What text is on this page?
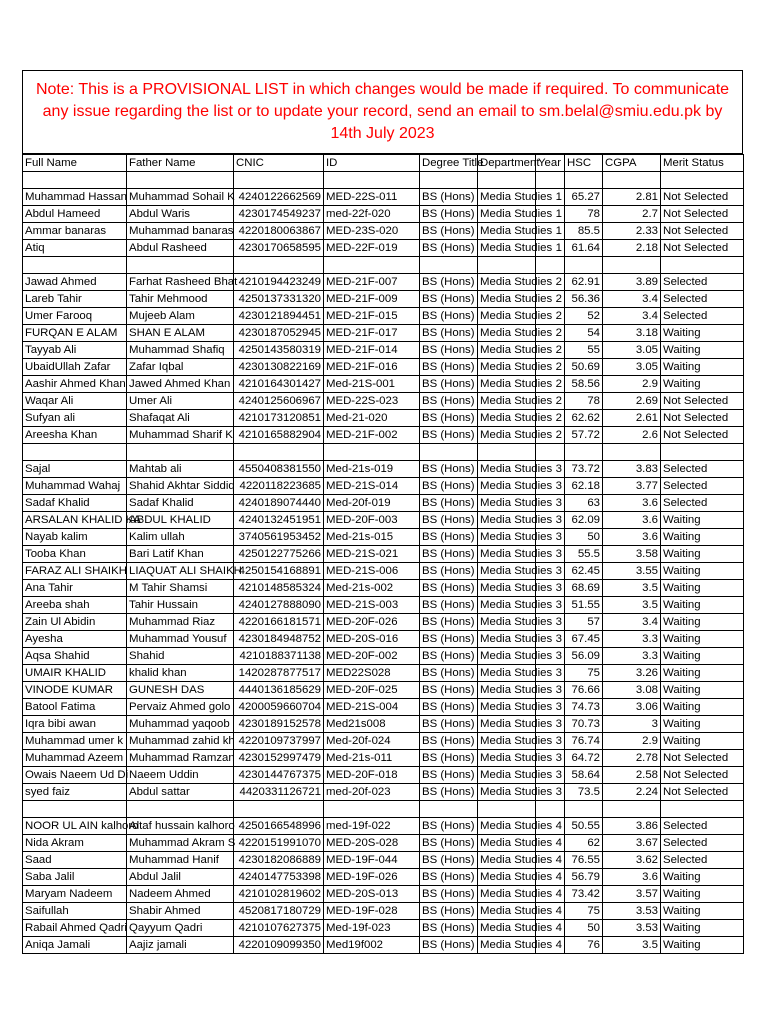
Note: This is a PROVISIONAL LIST in which changes would be made if required. To communicate any issue regarding the list or to update your record, send an email to sm.belal@smiu.edu.pk by 14th July 2023
Full Name	Father Name	CNIC	ID	Degree Title	Department	Year	HSC	CGPA	Merit Status

Muhammad Hassan	Muhammad Sohail K	4240122662569	MED-22S-011	BS (Hons)	Media Studies	1	65.27	2.81	Not Selected
Abdul Hameed	Abdul Waris	4230174549237	med-22f-020	BS (Hons)	Media Studies	1	78	2.7	Not Selected
Ammar banaras	Muhammad banaras	4220180063867	MED-23S-020	BS (Hons)	Media Studies	1	85.5	2.33	Not Selected
Atiq	Abdul Rasheed	4230170658595	MED-22F-019	BS (Hons)	Media Studies	1	61.64	2.18	Not Selected

Jawad Ahmed	Farhat Rasheed Bhat	4210194423249	MED-21F-007	BS (Hons)	Media Studies	2	62.91	3.89	Selected
Lareb Tahir	Tahir Mehmood	4250137331320	MED-21F-009	BS (Hons)	Media Studies	2	56.36	3.4	Selected
Umer Farooq	Mujeeb Alam	4230121894451	MED-21F-015	BS (Hons)	Media Studies	2	52	3.4	Selected
FURQAN E ALAM	SHAN E ALAM	4230187052945	MED-21F-017	BS (Hons)	Media Studies	2	54	3.18	Waiting
Tayyab Ali	Muhammad Shafiq	4250143580319	MED-21F-014	BS (Hons)	Media Studies	2	55	3.05	Waiting
UbaidUllah Zafar	Zafar Iqbal	4230130822169	MED-21F-016	BS (Hons)	Media Studies	2	50.69	3.05	Waiting
Aashir Ahmed Khan	Jawed Ahmed Khan	4210164301427	Med-21S-001	BS (Hons)	Media Studies	2	58.56	2.9	Waiting
Waqar Ali	Umer Ali	4240125606967	MED-22S-023	BS (Hons)	Media Studies	2	78	2.69	Not Selected
Sufyan ali	Shafaqat Ali	4210173120851	Med-21-020	BS (Hons)	Media Studies	2	62.62	2.61	Not Selected
Areesha Khan	Muhammad Sharif K	4210165882904	MED-21F-002	BS (Hons)	Media Studies	2	57.72	2.6	Not Selected

Sajal	Mahtab ali	4550408381550	Med-21s-019	BS (Hons)	Media Studies	3	73.72	3.83	Selected
Muhammad Wahaj	Shahid Akhtar Siddiq	4220118223685	MED-21S-014	BS (Hons)	Media Studies	3	62.18	3.77	Selected
Sadaf Khalid	Sadaf Khalid	4240189074440	Med-20f-019	BS (Hons)	Media Studies	3	63	3.6	Selected
ARSALAN KHALID KA	ABDUL KHALID	4240132451951	MED-20F-003	BS (Hons)	Media Studies	3	62.09	3.6	Waiting
Nayab kalim	Kalim ullah	3740561953452	Med-21s-015	BS (Hons)	Media Studies	3	50	3.6	Waiting
Tooba Khan	Bari Latif Khan	4250122775266	MED-21S-021	BS (Hons)	Media Studies	3	55.5	3.58	Waiting
FARAZ ALI SHAIKH	LIAQUAT ALI SHAIKH	4250154168891	MED-21S-006	BS (Hons)	Media Studies	3	62.45	3.55	Waiting
Ana Tahir	M Tahir Shamsi	4210148585324	Med-21s-002	BS (Hons)	Media Studies	3	68.69	3.5	Waiting
Areeba shah	Tahir Hussain	4240127888090	MED-21S-003	BS (Hons)	Media Studies	3	51.55	3.5	Waiting
Zain Ul Abidin	Muhammad Riaz	4220166181571	MED-20F-026	BS (Hons)	Media Studies	3	57	3.4	Waiting
Ayesha	Muhammad Yousuf	4230184948752	MED-20S-016	BS (Hons)	Media Studies	3	67.45	3.3	Waiting
Aqsa Shahid	Shahid	4210188371138	MED-20F-002	BS (Hons)	Media Studies	3	56.09	3.3	Waiting
UMAIR KHALID	khalid khan	1420287877517	MED22S028	BS (Hons)	Media Studies	3	75	3.26	Waiting
VINODE KUMAR	GUNESH DAS	4440136185629	MED-20F-025	BS (Hons)	Media Studies	3	76.66	3.08	Waiting
Batool Fatima	Pervaiz Ahmed golo	4200059660704	MED-21S-004	BS (Hons)	Media Studies	3	74.73	3.06	Waiting
Iqra bibi awan	Muhammad yaqoob	4230189152578	Med21s008	BS (Hons)	Media Studies	3	70.73	3	Waiting
Muhammad umer k	Muhammad zahid kh	4220109737997	Med-20f-024	BS (Hons)	Media Studies	3	76.74	2.9	Waiting
Muhammad Azeem	Muhammad Ramzan	4230152997479	Med-21s-011	BS (Hons)	Media Studies	3	64.72	2.78	Not Selected
Owais Naeem Ud Di	Naeem Uddin	4230144767375	MED-20F-018	BS (Hons)	Media Studies	3	58.64	2.58	Not Selected
syed faiz	Abdul sattar	4420331126721	med-20f-023	BS (Hons)	Media Studies	3	73.5	2.24	Not Selected

NOOR UL AIN kalhoro	Altaf hussain kalhoro	4250166548996	med-19f-022	BS (Hons)	Media Studies	4	50.55	3.86	Selected
Nida Akram	Muhammad Akram S	4220151991070	MED-20S-028	BS (Hons)	Media Studies	4	62	3.67	Selected
Saad	Muhammad Hanif	4230182086889	MED-19F-044	BS (Hons)	Media Studies	4	76.55	3.62	Selected
Saba Jalil	Abdul Jalil	4240147753398	MED-19F-026	BS (Hons)	Media Studies	4	56.79	3.6	Waiting
Maryam Nadeem	Nadeem Ahmed	4210102819602	MED-20S-013	BS (Hons)	Media Studies	4	73.42	3.57	Waiting
Saifullah	Shabir Ahmed	4520817180729	MED-19F-028	BS (Hons)	Media Studies	4	75	3.53	Waiting
Rabail Ahmed Qadri	Qayyum Qadri	4210107627375	Med-19f-023	BS (Hons)	Media Studies	4	50	3.53	Waiting
Aniqa Jamali	Aajiz jamali	4220109099350	Med19f002	BS (Hons)	Media Studies	4	76	3.5	Waiting
